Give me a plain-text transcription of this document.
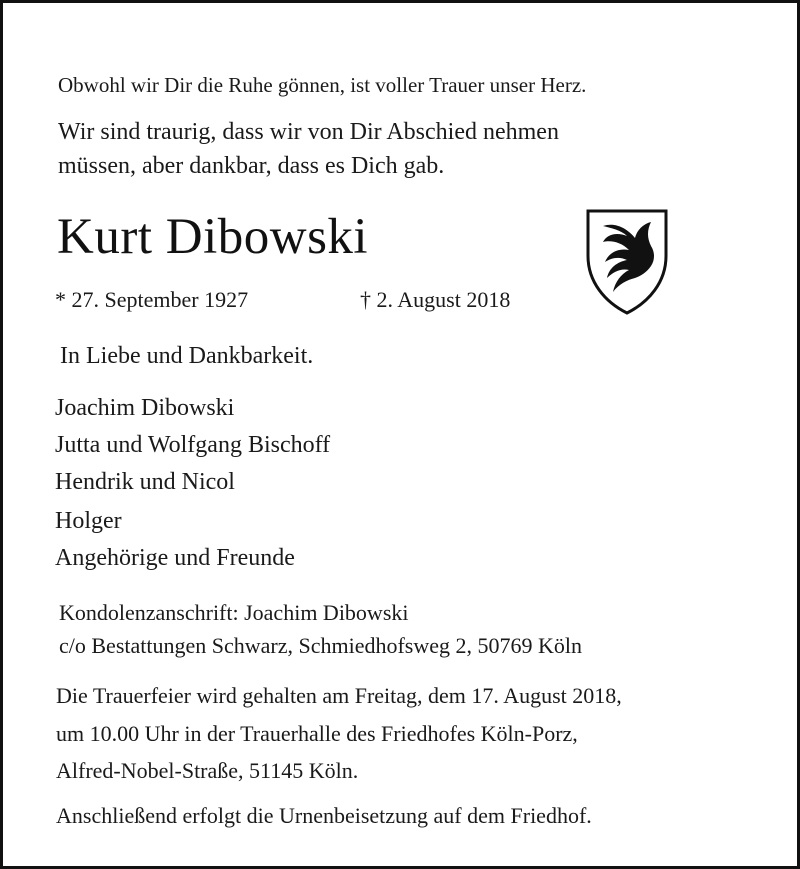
Obwohl wir Dir die Ruhe gönnen, ist voller Trauer unser Herz.
Wir sind traurig, dass wir von Dir Abschied nehmen
müssen, aber dankbar, dass es Dich gab.
Kurt Dibowski
* 27. September 1927	† 2. August 2018
In Liebe und Dankbarkeit.
Joachim Dibowski
Jutta und Wolfgang Bischoff
Hendrik und Nicol
Holger
Angehörige und Freunde
Kondolenzanschrift: Joachim Dibowski
c/o Bestattungen Schwarz, Schmiedhofsweg 2, 50769 Köln
Die Trauerfeier wird gehalten am Freitag, dem 17. August 2018,
um 10.00 Uhr in der Trauerhalle des Friedhofes Köln-Porz,
Alfred-Nobel-Straße, 51145 Köln.
Anschließend erfolgt die Urnenbeisetzung auf dem Friedhof.
